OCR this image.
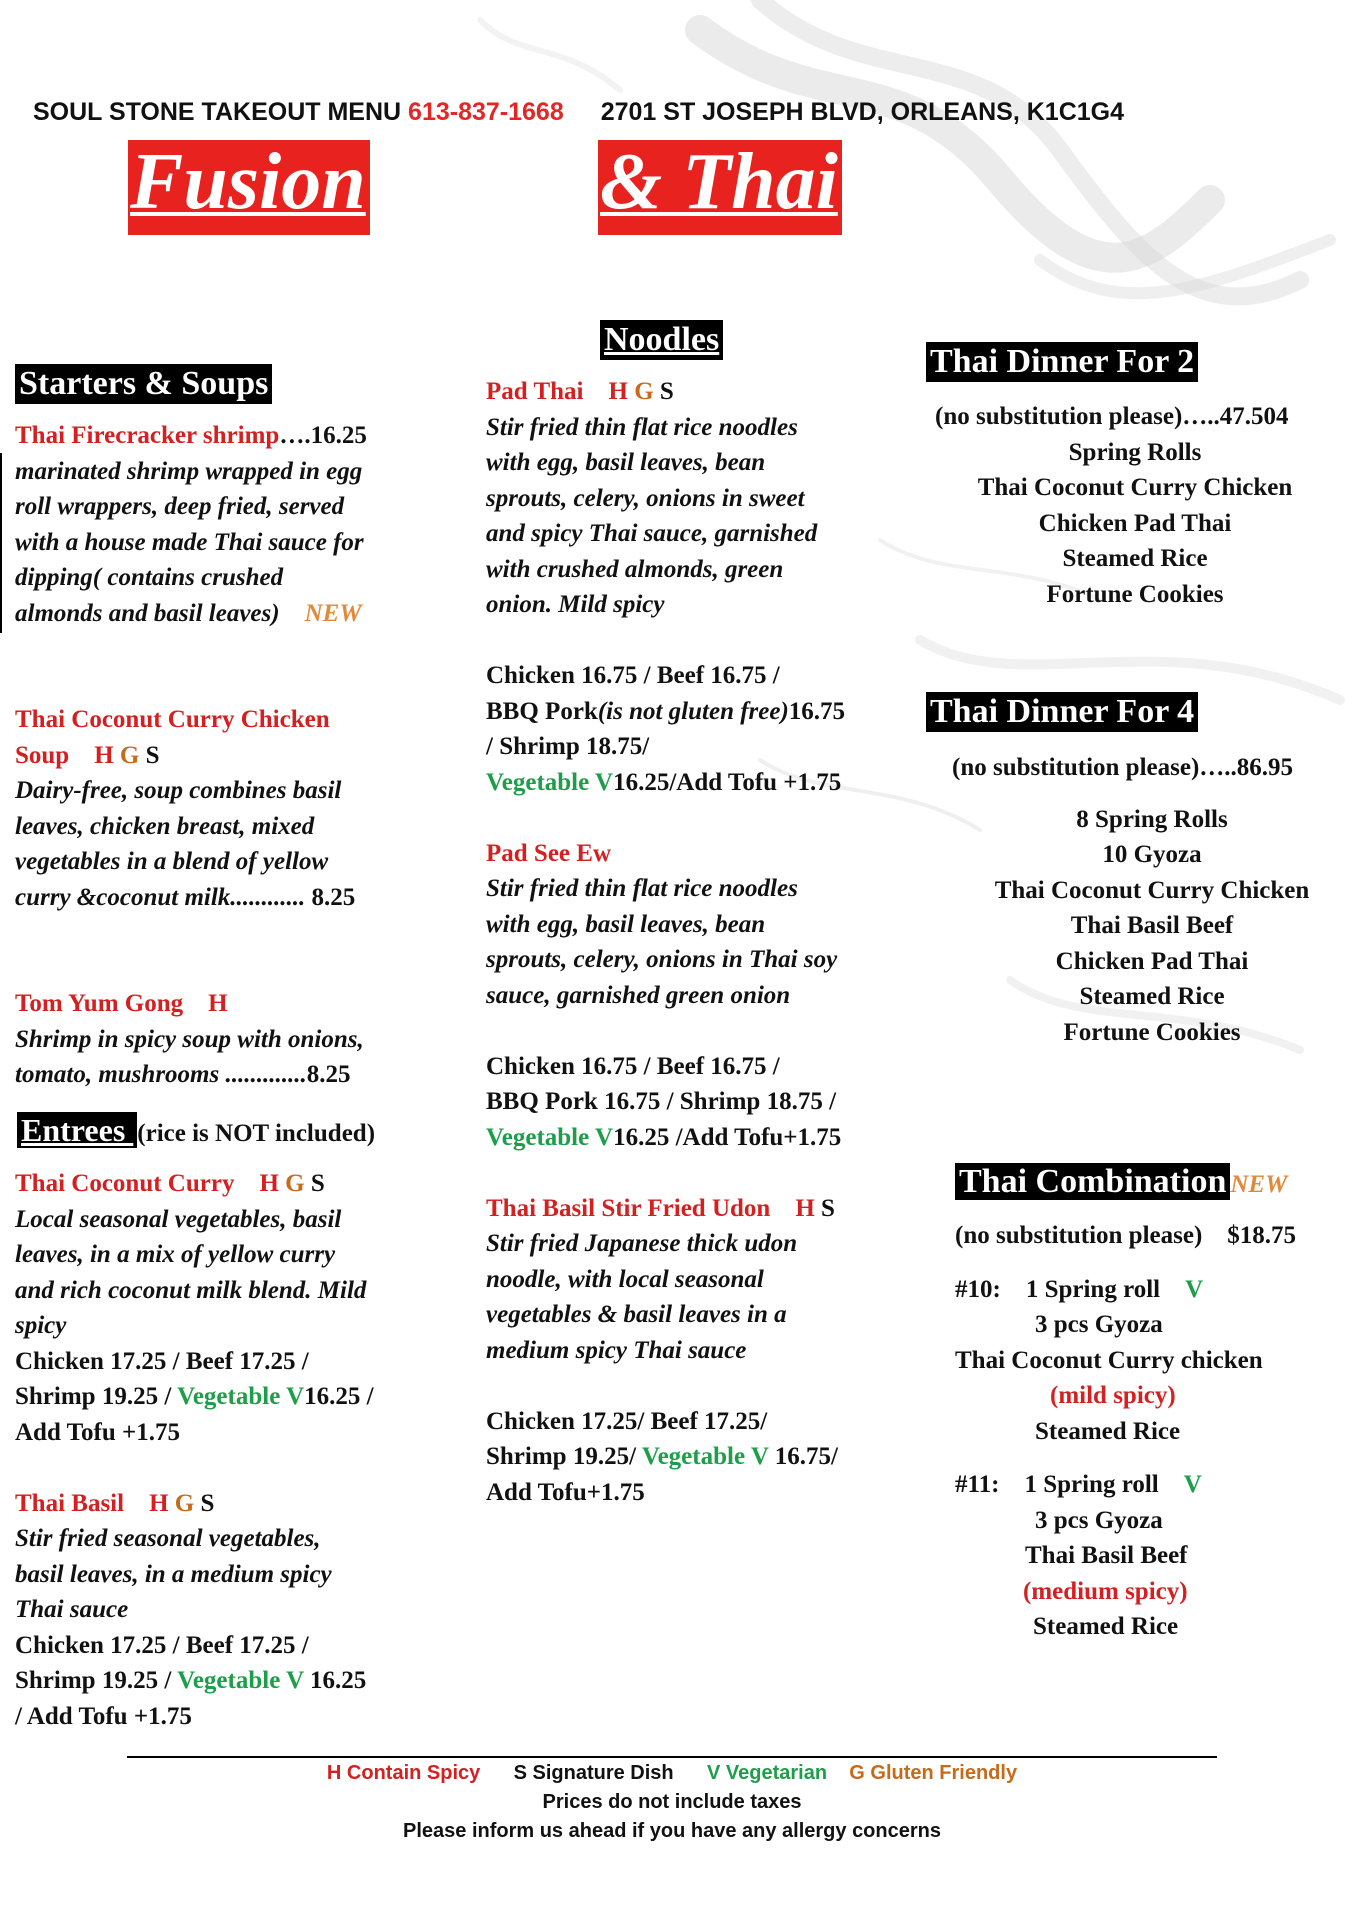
SOUL STONE TAKEOUT MENU 613-837-1668 2701 ST JOSEPH BLVD, ORLEANS, K1C1G4
Fusion	& Thai
Starters & Soups
Thai Firecracker shrimp….16.25
marinated shrimp wrapped in egg
roll wrappers, deep fried, served
with a house made Thai sauce for
dipping( contains crushed
almonds and basil leaves) NEW
Thai Coconut Curry Chicken
Soup H G S
Dairy-free, soup combines basil
leaves, chicken breast, mixed
vegetables in a blend of yellow
curry &coconut milk............ 8.25
Tom Yum Gong H
Shrimp in spicy soup with onions,
tomato, mushrooms .............8.25
Entrees (rice is NOT included)
Thai Coconut Curry H G S
Local seasonal vegetables, basil
leaves, in a mix of yellow curry
and rich coconut milk blend. Mild
spicy
Chicken 17.25 / Beef 17.25 /
Shrimp 19.25 / Vegetable V16.25 /
Add Tofu +1.75
Thai Basil H G S
Stir fried seasonal vegetables,
basil leaves, in a medium spicy
Thai sauce
Chicken 17.25 / Beef 17.25 /
Shrimp 19.25 / Vegetable V 16.25
/ Add Tofu +1.75
Noodles
Pad Thai H G S
Stir fried thin flat rice noodles
with egg, basil leaves, bean
sprouts, celery, onions in sweet
and spicy Thai sauce, garnished
with crushed almonds, green
onion. Mild spicy
Chicken 16.75 / Beef 16.75 /
BBQ Pork(is not gluten free)16.75
/ Shrimp 18.75/
Vegetable V16.25/Add Tofu +1.75
Pad See Ew
Stir fried thin flat rice noodles
with egg, basil leaves, bean
sprouts, celery, onions in Thai soy
sauce, garnished green onion
Chicken 16.75 / Beef 16.75 /
BBQ Pork 16.75 / Shrimp 18.75 /
Vegetable V16.25 /Add Tofu+1.75
Thai Basil Stir Fried Udon H S
Stir fried Japanese thick udon
noodle, with local seasonal
vegetables & basil leaves in a
medium spicy Thai sauce
Chicken 17.25/ Beef 17.25/
Shrimp 19.25/ Vegetable V 16.75/
Add Tofu+1.75
Thai Dinner For 2
(no substitution please)…..47.504
Spring Rolls
Thai Coconut Curry Chicken
Chicken Pad Thai
Steamed Rice
Fortune Cookies
Thai Dinner For 4
(no substitution please)…..86.95
8 Spring Rolls
10 Gyoza
Thai Coconut Curry Chicken
Thai Basil Beef
Chicken Pad Thai
Steamed Rice
Fortune Cookies
Thai Combination NEW
(no substitution please) $18.75
#10: 1 Spring roll V
3 pcs Gyoza
Thai Coconut Curry chicken
(mild spicy)
Steamed Rice
#11: 1 Spring roll V
3 pcs Gyoza
Thai Basil Beef
(medium spicy)
Steamed Rice
H Contain Spicy S Signature Dish V Vegetarian G Gluten Friendly
Prices do not include taxes
Please inform us ahead if you have any allergy concerns
